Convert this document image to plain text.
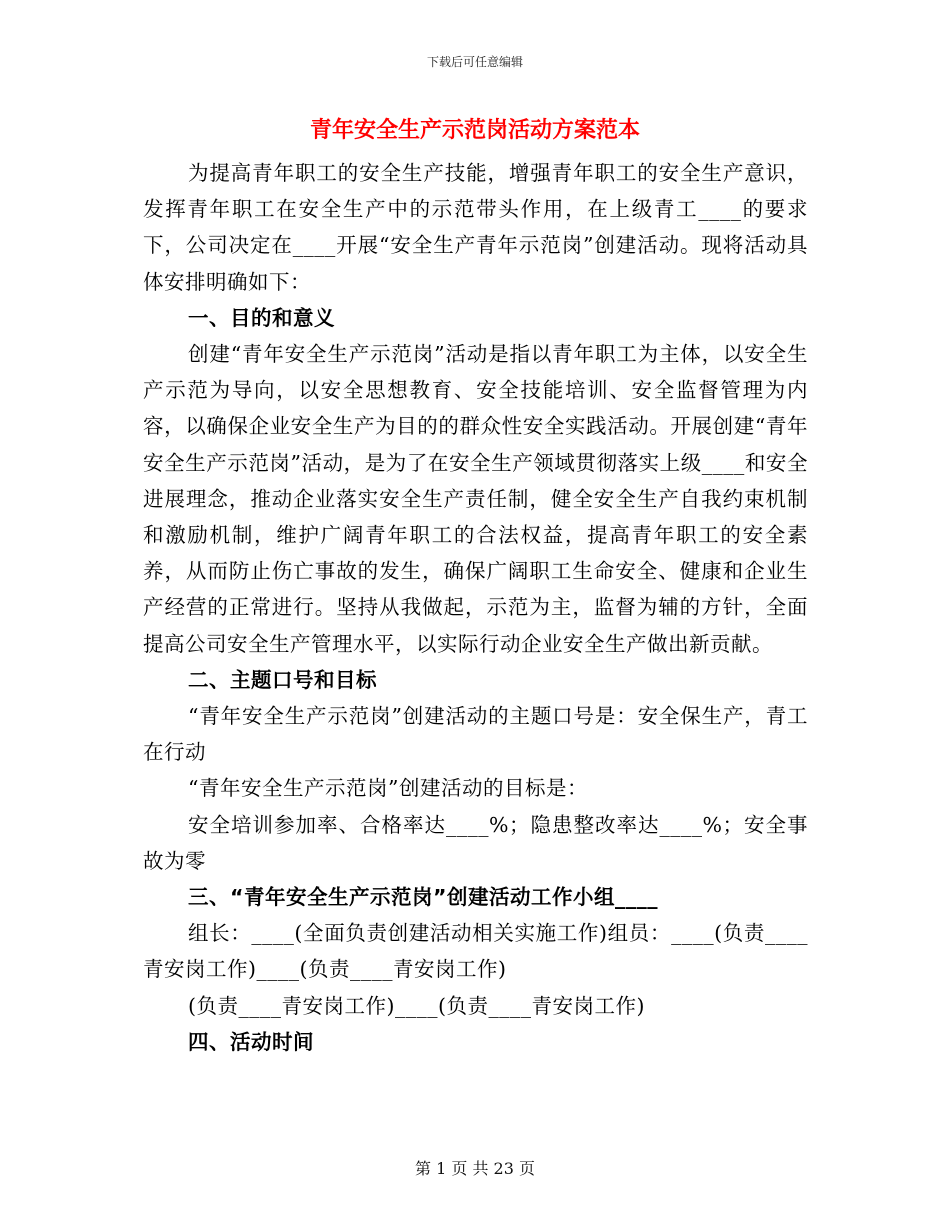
下载后可任意编辑
青年安全生产示范岗活动方案范本

为提高青年职工的安全生产技能，增强青年职工的安全生产意识，发挥青年职工在安全生产中的示范带头作用，在上级青工____的要求下，公司决定在____开展“安全生产青年示范岗”创建活动。现将活动具体安排明确如下：

一、目的和意义

创建“青年安全生产示范岗”活动是指以青年职工为主体，以安全生产示范为导向，以安全思想教育、安全技能培训、安全监督管理为内容，以确保企业安全生产为目的的群众性安全实践活动。开展创建“青年安全生产示范岗”活动，是为了在安全生产领域贯彻落实上级____和安全进展理念，推动企业落实安全生产责任制，健全安全生产自我约束机制和激励机制，维护广阔青年职工的合法权益，提高青年职工的安全素养，从而防止伤亡事故的发生，确保广阔职工生命安全、健康和企业生产经营的正常进行。坚持从我做起，示范为主，监督为辅的方针，全面提高公司安全生产管理水平，以实际行动企业安全生产做出新贡献。

二、主题口号和目标

“青年安全生产示范岗”创建活动的主题口号是：安全保生产，青工在行动

“青年安全生产示范岗”创建活动的目标是：

安全培训参加率、合格率达____%；隐患整改率达____%；安全事故为零

三、“青年安全生产示范岗”创建活动工作小组____

组长：____(全面负责创建活动相关实施工作)组员：____(负责____青安岗工作)____(负责____青安岗工作)

(负责____青安岗工作)____(负责____青安岗工作)

四、活动时间

第 1 页 共 23 页
